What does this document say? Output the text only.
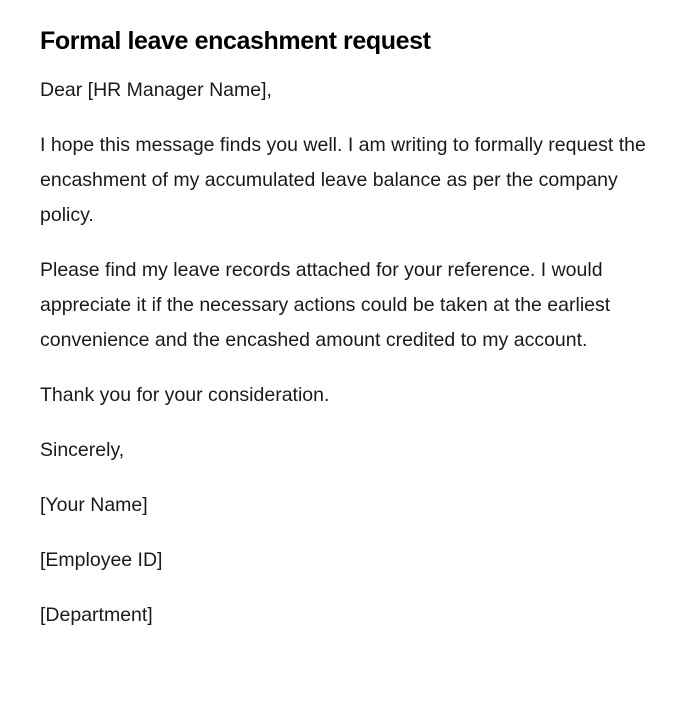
Formal leave encashment request

Dear [HR Manager Name],

I hope this message finds you well. I am writing to formally request the encashment of my accumulated leave balance as per the company policy.

Please find my leave records attached for your reference. I would appreciate it if the necessary actions could be taken at the earliest convenience and the encashed amount credited to my account.

Thank you for your consideration.

Sincerely,

[Your Name]

[Employee ID]

[Department]
